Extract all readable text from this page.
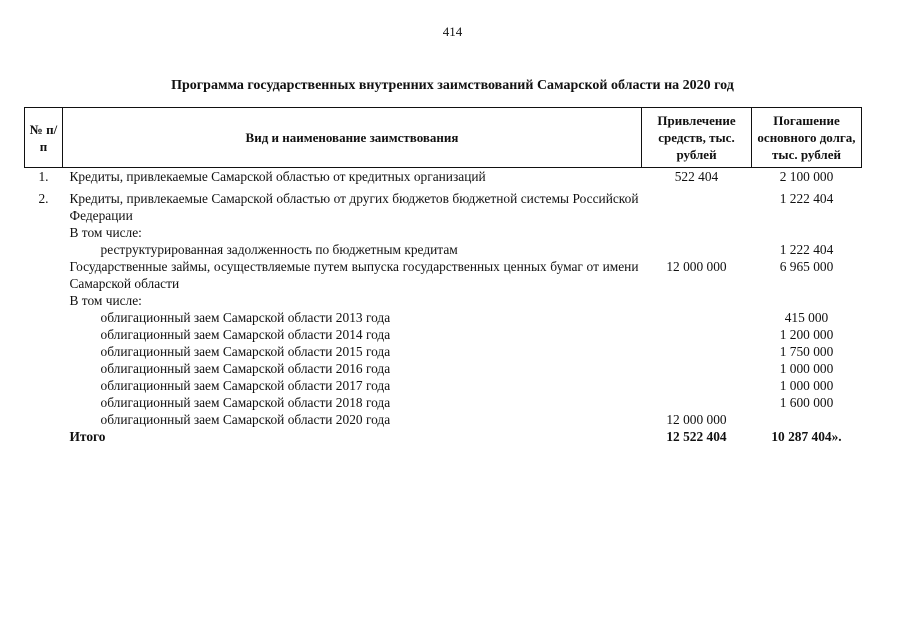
414
Программа государственных внутренних заимствований Самарской области на 2020 год
№ п/п	Вид и наименование заимствования	Привлечение средств, тыс. рублей	Погашение основного долга, тыс. рублей
1.	Кредиты, привлекаемые Самарской областью от кредитных организаций	522 404	2 100 000
2.	Кредиты, привлекаемые Самарской областью от других бюджетов бюджетной системы Российской Федерации		1 222 404
	В том числе:		
	реструктурированная задолженность по бюджетным кредитам		1 222 404
	Государственные займы, осуществляемые путем выпуска государственных ценных бумаг от имени Самарской области	12 000 000	6 965 000
	В том числе:		
	облигационный заем Самарской области 2013 года		415 000
	облигационный заем Самарской области 2014 года		1 200 000
	облигационный заем Самарской области 2015 года		1 750 000
	облигационный заем Самарской области 2016 года		1 000 000
	облигационный заем Самарской области 2017 года		1 000 000
	облигационный заем Самарской области 2018 года		1 600 000
	облигационный заем Самарской области 2020 года	12 000 000	
	Итого	12 522 404	10 287 404».
